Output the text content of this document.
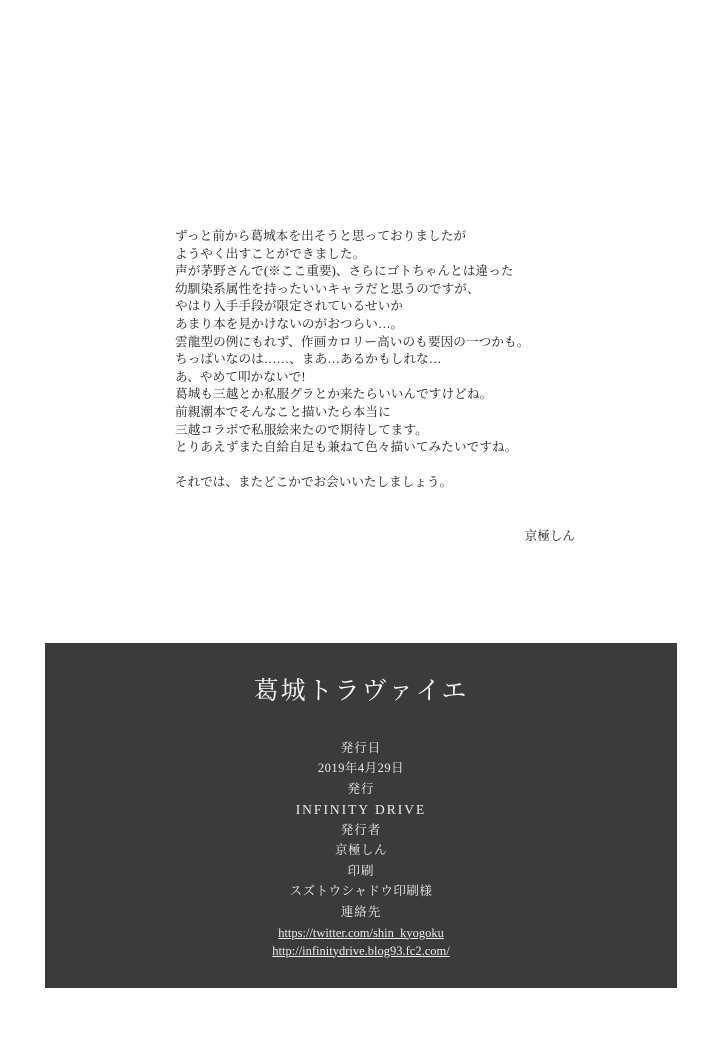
ずっと前から葛城本を出そうと思っておりましたが

ようやく出すことができました。

声が茅野さんで(※ここ重要)、さらにゴトちゃんとは違った

幼馴染系属性を持ったいいキャラだと思うのですが、

やはり入手手段が限定されているせいか

あまり本を見かけないのがおつらい…。

雲龍型の例にもれず、作画カロリー高いのも要因の一つかも。

ちっぱいなのは……、まあ…あるかもしれな…

あ、やめて叩かないで!

葛城も三越とか私服グラとか来たらいいんですけどね。

前親潮本でそんなこと描いたら本当に

三越コラボで私服絵来たので期待してます。

とりあえずまた自給自足も兼ねて色々描いてみたいですね。

それでは、またどこかでお会いいたしましょう。
京極しん
葛城トラヴァイエ
発行日
2019年4月29日
発行
INFINITY DRIVE
発行者
京極しん
印刷
スズトウシャドウ印刷様
連絡先
https://twitter.com/shin_kyogoku
http://infinitydrive.blog93.fc2.com/
